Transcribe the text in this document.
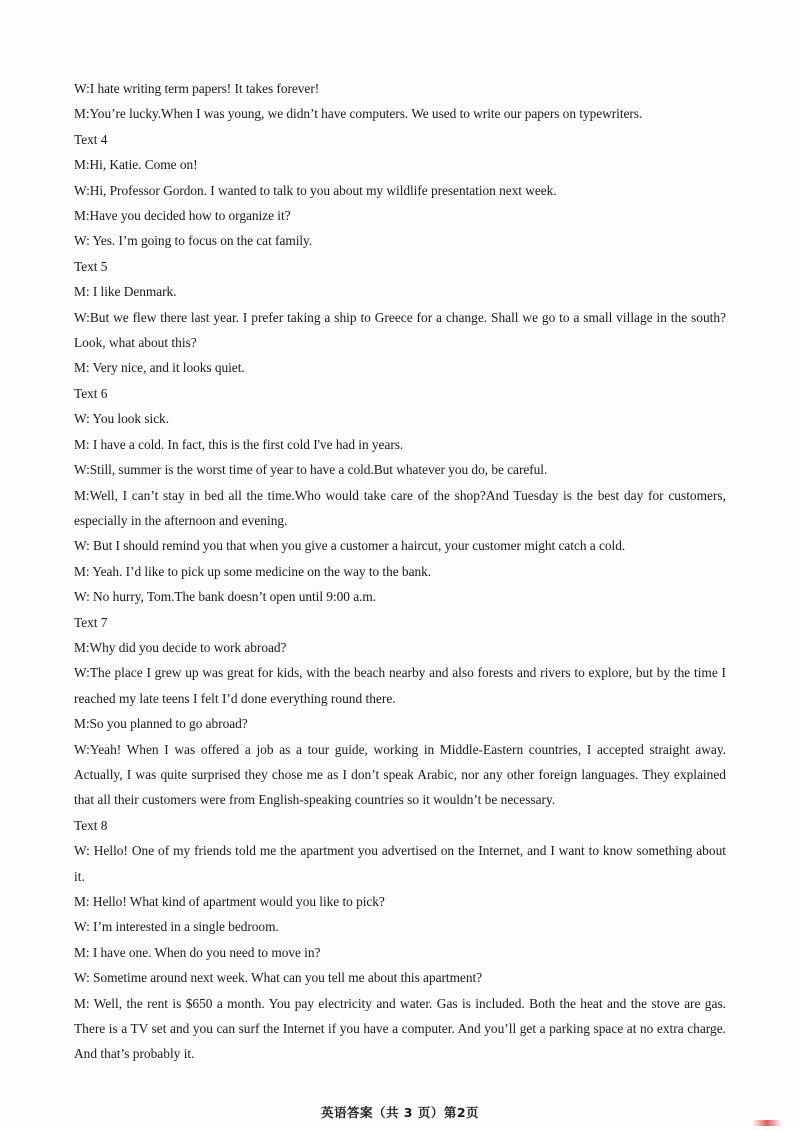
W:I hate writing term papers! It takes forever!
M:You’re lucky.When I was young, we didn’t have computers. We used to write our papers on typewriters.
Text 4
M:Hi, Katie. Come on!
W:Hi, Professor Gordon. I wanted to talk to you about my wildlife presentation next week.
M:Have you decided how to organize it?
W: Yes. I’m going to focus on the cat family.
Text 5
M: I like Denmark.
W:But we flew there last year. I prefer taking a ship to Greece for a change. Shall we go to a small village in the south? Look, what about this?
M: Very nice, and it looks quiet.
Text 6
W: You look sick.
M: I have a cold. In fact, this is the first cold I've had in years.
W:Still, summer is the worst time of year to have a cold.But whatever you do, be careful.
M:Well, I can’t stay in bed all the time.Who would take care of the shop?And Tuesday is the best day for customers, especially in the afternoon and evening.
W: But I should remind you that when you give a customer a haircut, your customer might catch a cold.
M: Yeah. I’d like to pick up some medicine on the way to the bank.
W: No hurry, Tom.The bank doesn’t open until 9:00 a.m.
Text 7
M:Why did you decide to work abroad?
W:The place I grew up was great for kids, with the beach nearby and also forests and rivers to explore, but by the time I reached my late teens I felt I’d done everything round there.
M:So you planned to go abroad?
W:Yeah! When I was offered a job as a tour guide, working in Middle-Eastern countries, I accepted straight away. Actually, I was quite surprised they chose me as I don’t speak Arabic, nor any other foreign languages. They explained that all their customers were from English-speaking countries so it wouldn’t be necessary.
Text 8
W: Hello! One of my friends told me the apartment you advertised on the Internet, and I want to know something about it.
M: Hello! What kind of apartment would you like to pick?
W: I’m interested in a single bedroom.
M: I have one. When do you need to move in?
W: Sometime around next week. What can you tell me about this apartment?
M: Well, the rent is $650 a month. You pay electricity and water. Gas is included. Both the heat and the stove are gas. There is a TV set and you can surf the Internet if you have a computer. And you’ll get a parking space at no extra charge. And that’s probably it.
英语答案（共 3 页）第2页
